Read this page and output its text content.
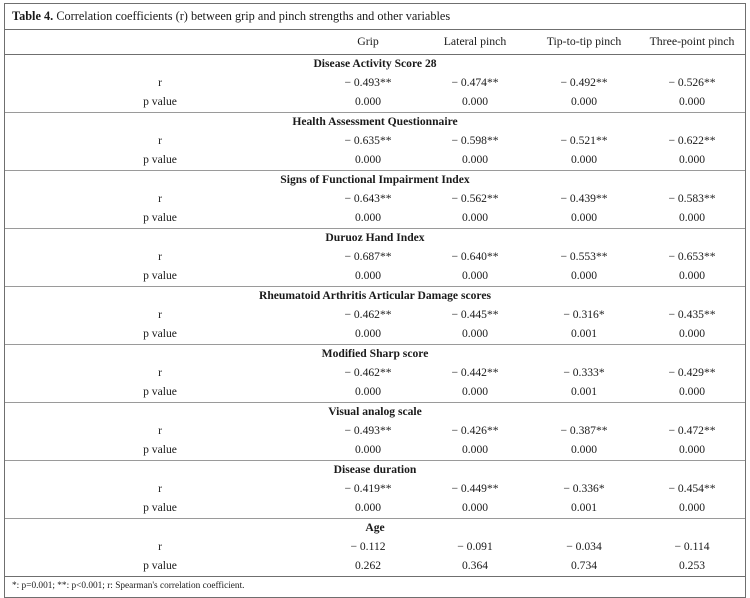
Table 4. Correlation coefficients (r) between grip and pinch strengths and other variables
	Grip	Lateral pinch	Tip-to-tip pinch	Three-point pinch
Disease Activity Score 28				
r	− 0.493**	− 0.474**	− 0.492**	− 0.526**
p value	0.000	0.000	0.000	0.000
Health Assessment Questionnaire				
r	− 0.635**	− 0.598**	− 0.521**	− 0.622**
p value	0.000	0.000	0.000	0.000
Signs of Functional Impairment Index				
r	− 0.643**	− 0.562**	− 0.439**	− 0.583**
p value	0.000	0.000	0.000	0.000
Duruoz Hand Index				
r	− 0.687**	− 0.640**	− 0.553**	− 0.653**
p value	0.000	0.000	0.000	0.000
Rheumatoid Arthritis Articular Damage scores				
r	− 0.462**	− 0.445**	− 0.316*	− 0.435**
p value	0.000	0.000	0.001	0.000
Modified Sharp score				
r	− 0.462**	− 0.442**	− 0.333*	− 0.429**
p value	0.000	0.000	0.001	0.000
Visual analog scale				
r	− 0.493**	− 0.426**	− 0.387**	− 0.472**
p value	0.000	0.000	0.000	0.000
Disease duration				
r	− 0.419**	− 0.449**	− 0.336*	− 0.454**
p value	0.000	0.000	0.001	0.000
Age				
r	− 0.112	− 0.091	− 0.034	− 0.114
p value	0.262	0.364	0.734	0.253
*: p=0.001; **: p<0.001; r: Spearman's correlation coefficient.
